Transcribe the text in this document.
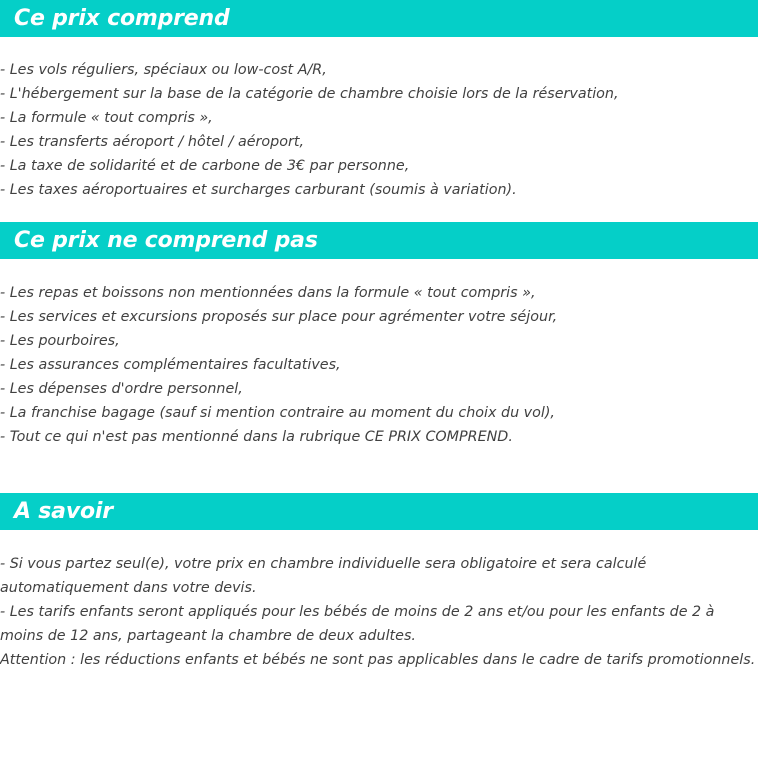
Ce prix comprend
- Les vols réguliers, spéciaux ou low-cost A/R,
- L'hébergement sur la base de la catégorie de chambre choisie lors de la réservation,
- La formule « tout compris »,
- Les transferts aéroport / hôtel / aéroport,
- La taxe de solidarité et de carbone de 3€ par personne,
- Les taxes aéroportuaires et surcharges carburant (soumis à variation).
Ce prix ne comprend pas
- Les repas et boissons non mentionnées dans la formule « tout compris »,
- Les services et excursions proposés sur place pour agrémenter votre séjour,
- Les pourboires,
- Les assurances complémentaires facultatives,
- Les dépenses d'ordre personnel,
- La franchise bagage (sauf si mention contraire au moment du choix du vol),
- Tout ce qui n'est pas mentionné dans la rubrique CE PRIX COMPREND.
A savoir
- Si vous partez seul(e), votre prix en chambre individuelle sera obligatoire et sera calculé automatiquement dans votre devis.
- Les tarifs enfants seront appliqués pour les bébés de moins de 2 ans et/ou pour les enfants de 2 à moins de 12 ans, partageant la chambre de deux adultes.
Attention : les réductions enfants et bébés ne sont pas applicables dans le cadre de tarifs promotionnels.
